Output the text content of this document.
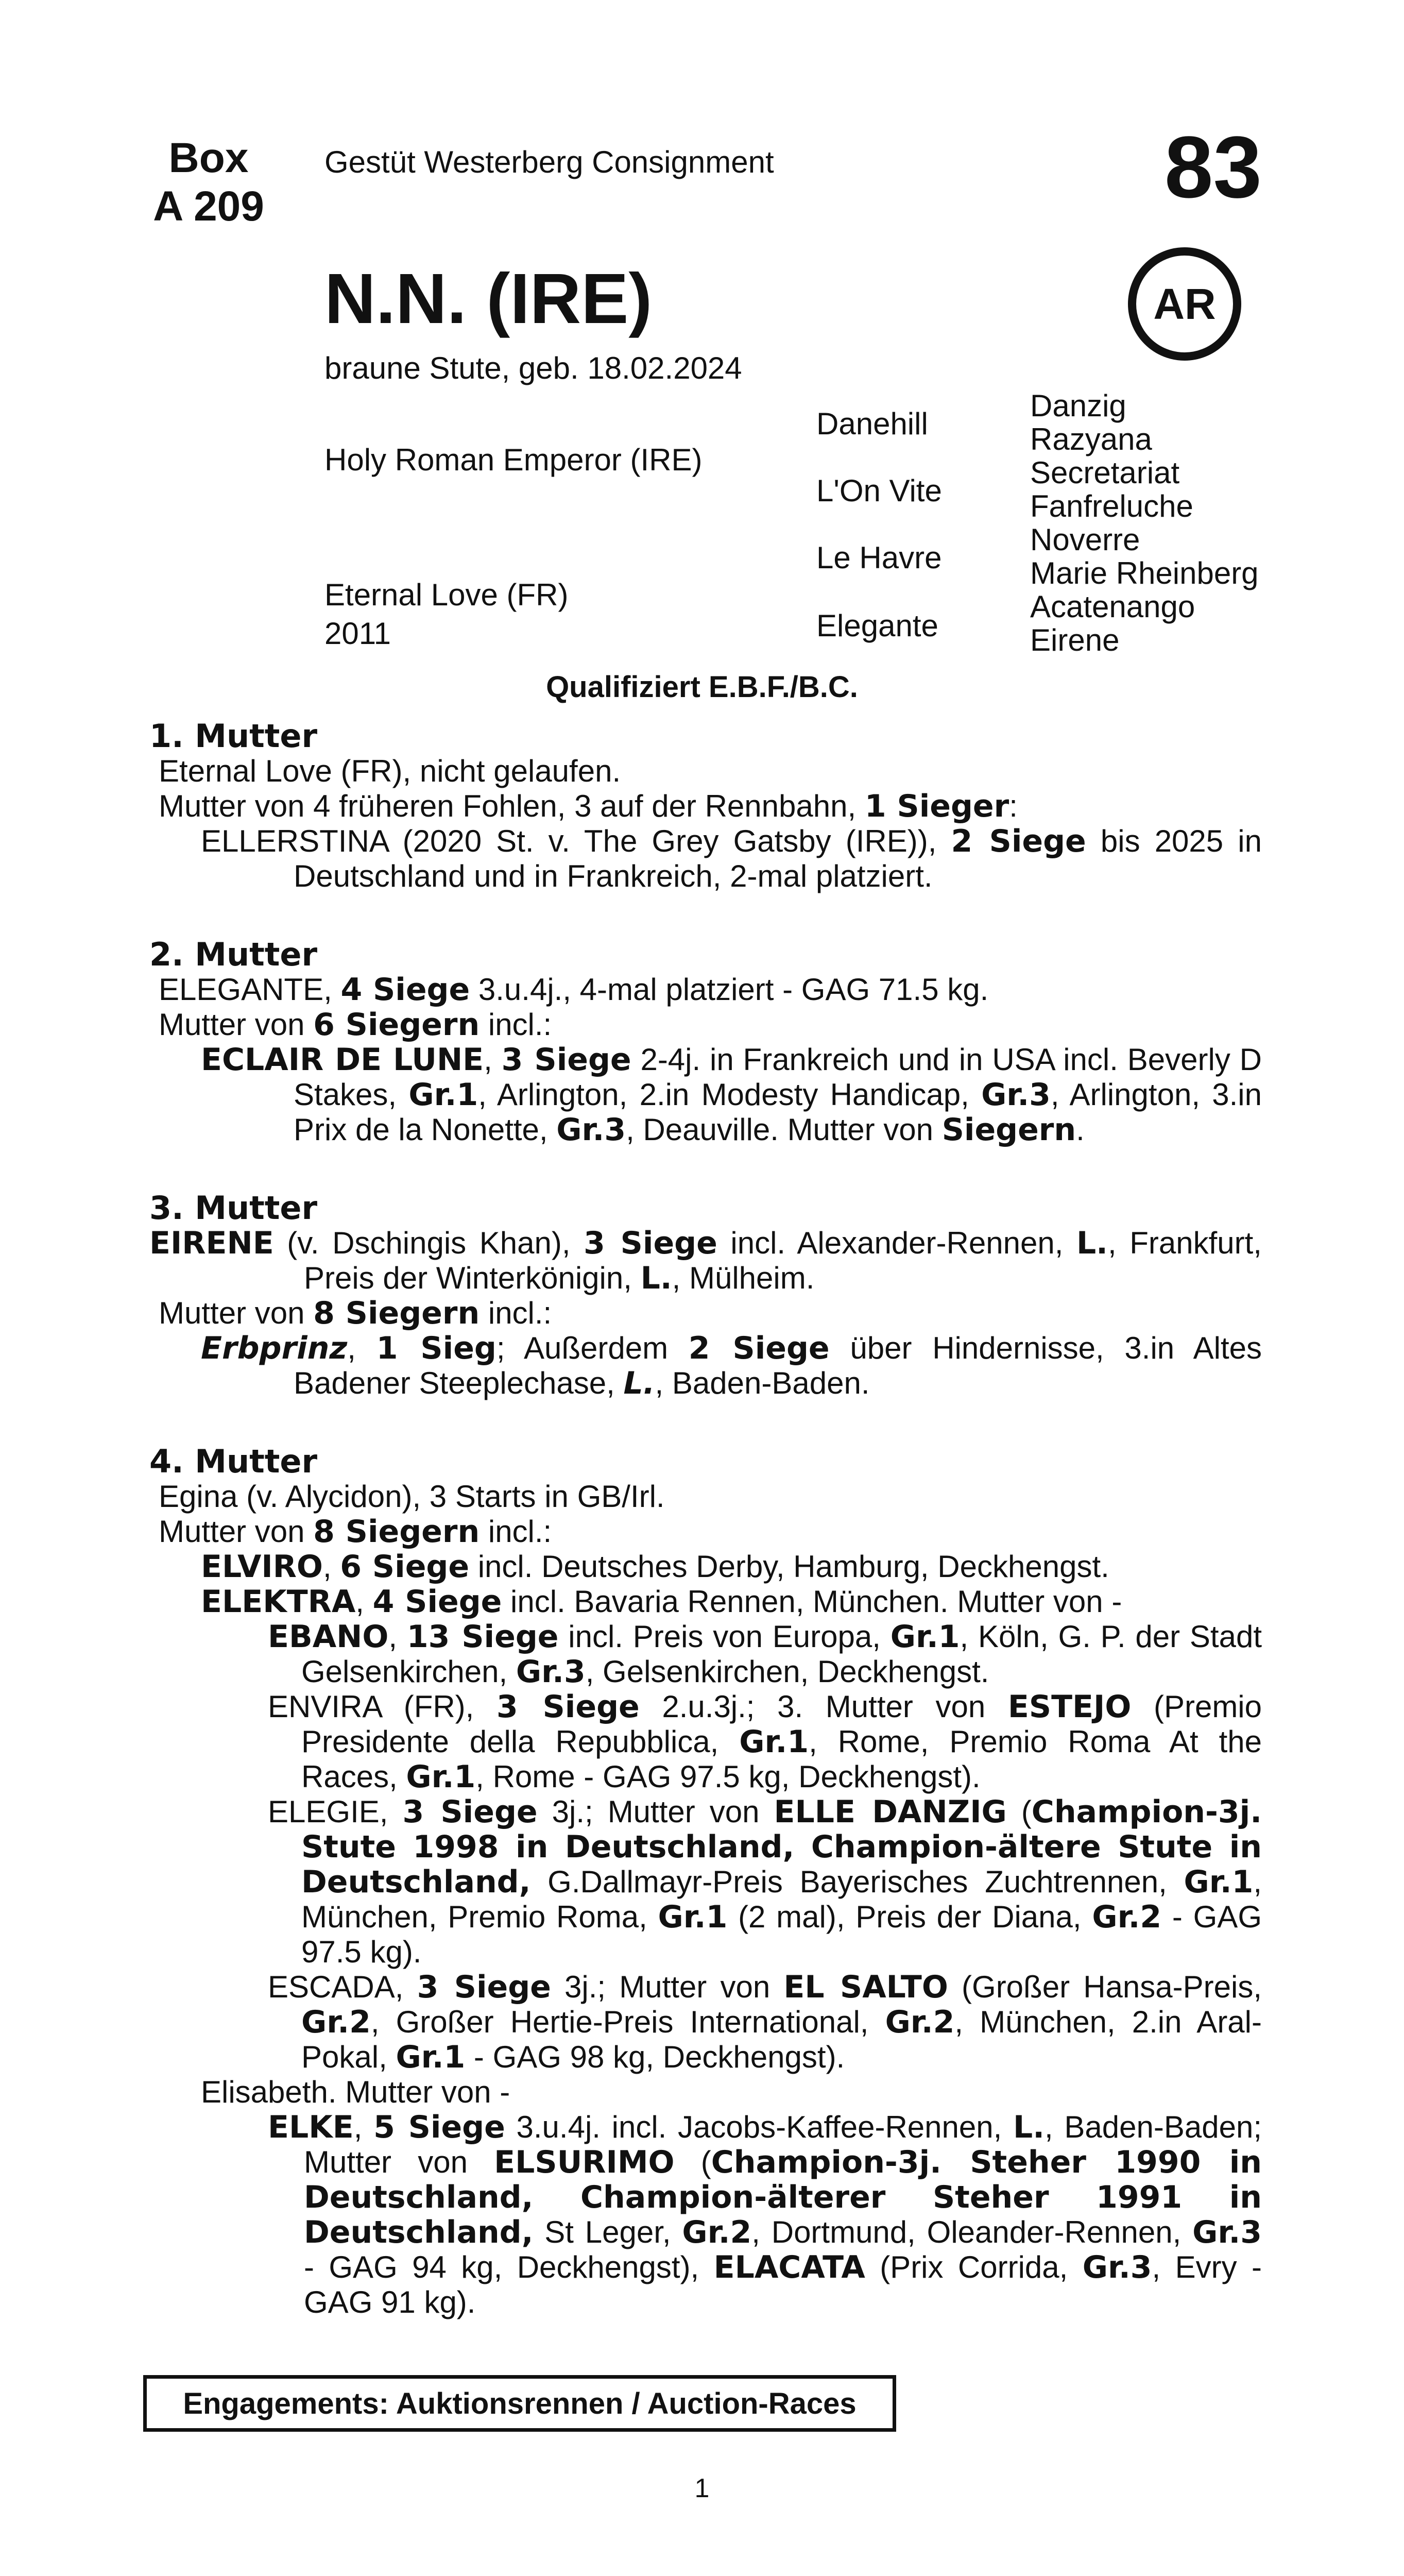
Box
A 209
Gestüt Westerberg Consignment	83
AR
N.N. (IRE)
braune Stute, geb. 18.02.2024
Holy Roman Emperor (IRE)
Eternal Love (FR)
2011
Danehill
L'On Vite
Le Havre
Elegante
Danzig
Razyana
Secretariat
Fanfreluche
Noverre
Marie Rheinberg
Acatenango
Eirene
Qualifiziert E.B.F./B.C.
1. Mutter

Eternal Love (FR), nicht gelaufen.

Mutter von 4 früheren Fohlen, 3 auf der Rennbahn, 1 Sieger:

ELLERSTINA (2020 St. v. The Grey Gatsby (IRE)), 2 Siege bis 2025 in Deutschland und in Frankreich, 2-mal platziert.

2. Mutter

ELEGANTE, 4 Siege 3.u.4j., 4-mal platziert - GAG 71.5 kg.

Mutter von 6 Siegern incl.:

ECLAIR DE LUNE, 3 Siege 2-4j. in Frankreich und in USA incl. Beverly D Stakes, Gr.1, Arlington, 2.in Modesty Handicap, Gr.3, Arlington, 3.in Prix de la Nonette, Gr.3, Deauville. Mutter von Siegern.

3. Mutter

EIRENE (v. Dschingis Khan), 3 Siege incl. Alexander-Rennen, L., Frankfurt, Preis der Winterkönigin, L., Mülheim.

Mutter von 8 Siegern incl.:

Erbprinz, 1 Sieg; Außerdem 2 Siege über Hindernisse, 3.in Altes Badener Steeplechase, L., Baden-Baden.

4. Mutter

Egina (v. Alycidon), 3 Starts in GB/Irl.

Mutter von 8 Siegern incl.:

ELVIRO, 6 Siege incl. Deutsches Derby, Hamburg, Deckhengst.

ELEKTRA, 4 Siege incl. Bavaria Rennen, München. Mutter von -

EBANO, 13 Siege incl. Preis von Europa, Gr.1, Köln, G. P. der Stadt Gelsenkirchen, Gr.3, Gelsenkirchen, Deckhengst.

ENVIRA (FR), 3 Siege 2.u.3j.; 3. Mutter von ESTEJO (Premio Presidente della Repubblica, Gr.1, Rome, Premio Roma At the Races, Gr.1, Rome - GAG 97.5 kg, Deckhengst).

ELEGIE, 3 Siege 3j.; Mutter von ELLE DANZIG (Champion-3j. Stute 1998 in Deutschland, Champion-ältere Stute in Deutschland, G.Dallmayr-Preis Bayerisches Zuchtrennen, Gr.1, München, Premio Roma, Gr.1 (2 mal), Preis der Diana, Gr.2 - GAG 97.5 kg).

ESCADA, 3 Siege 3j.; Mutter von EL SALTO (Großer Hansa-Preis, Gr.2, Großer Hertie-Preis International, Gr.2, München, 2.in Aral-Pokal, Gr.1 - GAG 98 kg, Deckhengst).

Elisabeth. Mutter von -

ELKE, 5 Siege 3.u.4j. incl. Jacobs-Kaffee-Rennen, L., Baden-Baden; Mutter von ELSURIMO (Champion-3j. Steher 1990 in Deutschland, Champion-älterer Steher 1991 in Deutschland, St Leger, Gr.2, Dortmund, Oleander-Rennen, Gr.3 - GAG 94 kg, Deckhengst), ELACATA (Prix Corrida, Gr.3, Evry - GAG 91 kg).

Engagements: Auktionsrennen / Auction-Races
1
